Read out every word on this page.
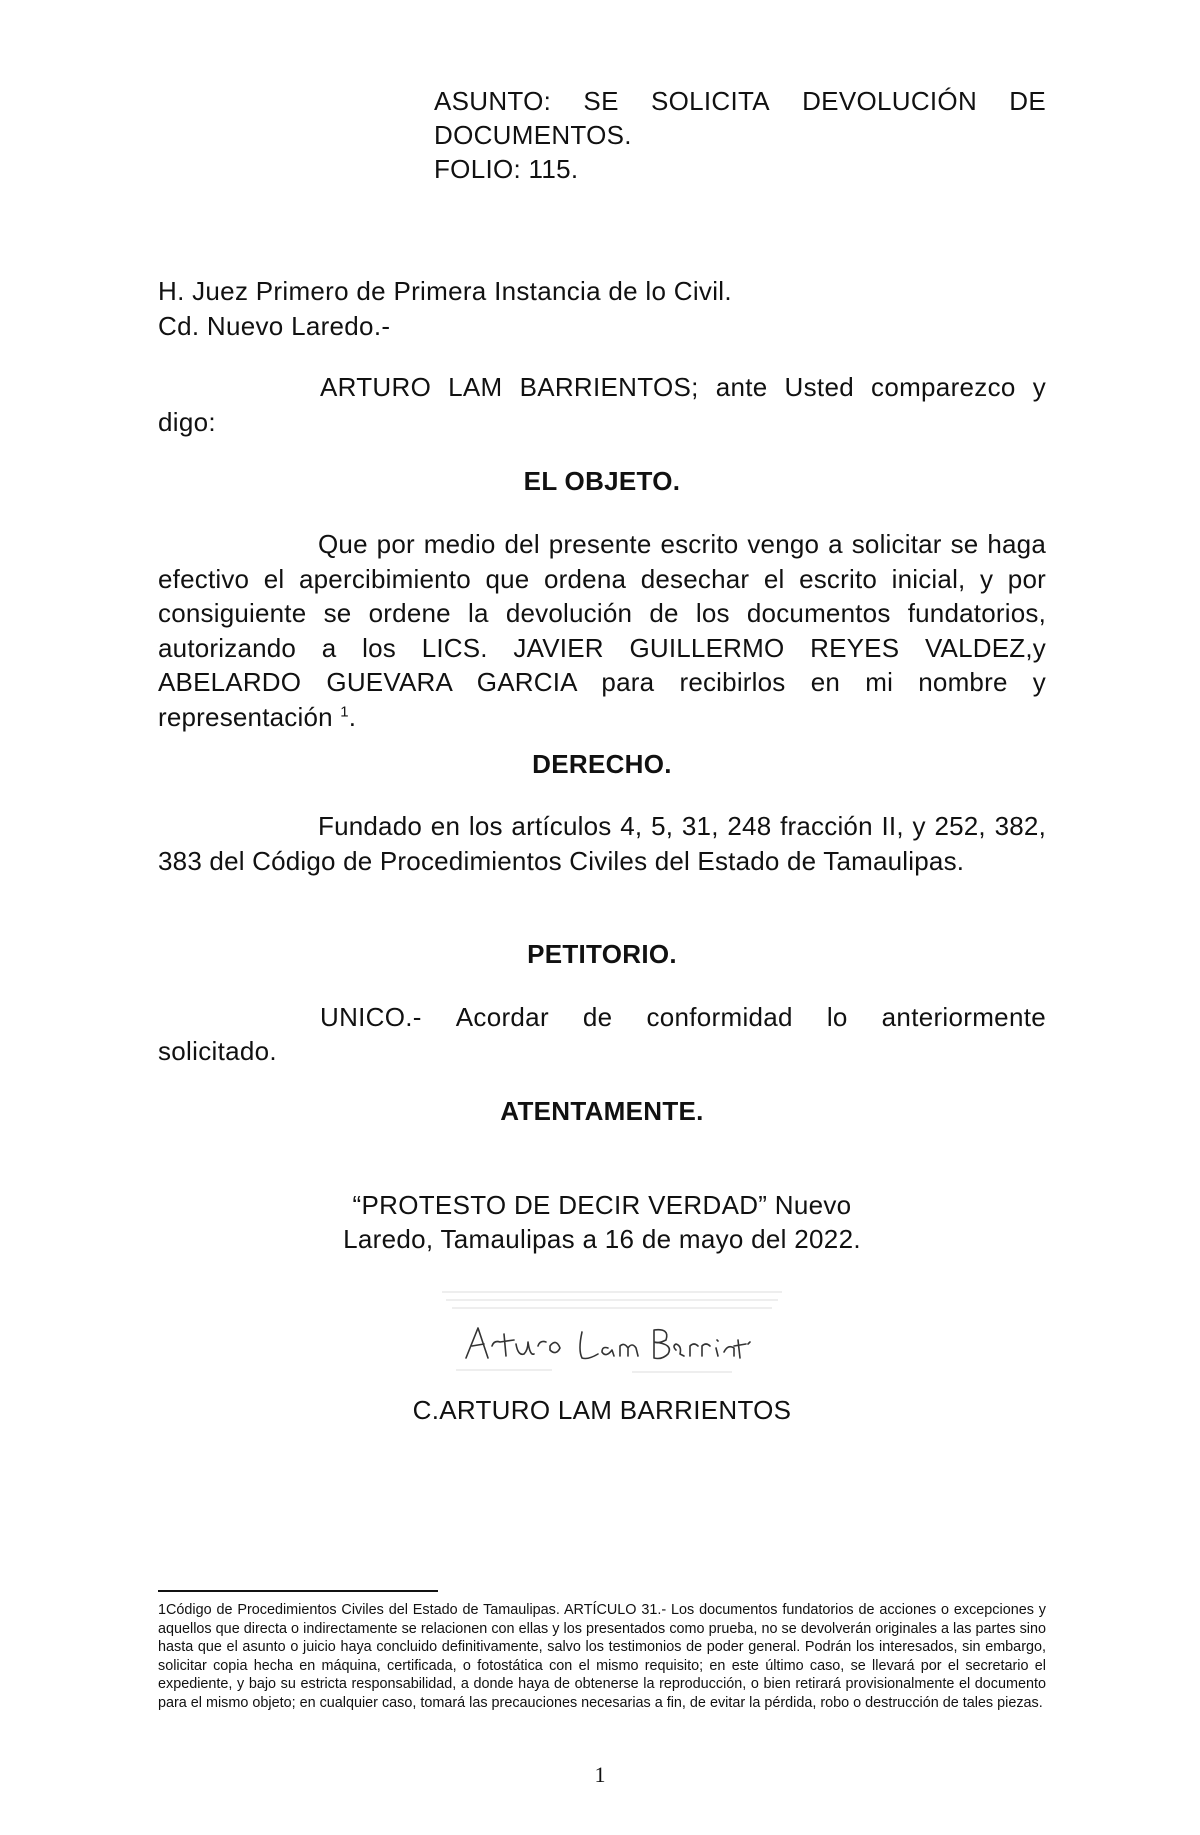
ASUNTO: SE SOLICITA DEVOLUCIÓN DE
DOCUMENTOS.
FOLIO: 115.
H. Juez Primero de Primera Instancia de lo Civil.
Cd. Nuevo Laredo.-
ARTURO LAM BARRIENTOS; ante Usted comparezco y
digo:
EL OBJETO.
Que por medio del presente escrito vengo a solicitar se haga efectivo el apercibimiento que ordena desechar el escrito inicial, y por consiguiente se ordene la devolución de los documentos fundatorios, autorizando a los LICS. JAVIER GUILLERMO REYES VALDEZ,y ABELARDO GUEVARA GARCIA para recibirlos en mi nombre y representación $^1$.
DERECHO.
Fundado en los artículos 4, 5, 31, 248 fracción II, y 252, 382, 383 del Código de Procedimientos Civiles del Estado de Tamaulipas.
PETITORIO.
UNICO.- Acordar de conformidad lo anteriormente
solicitado.
ATENTAMENTE.
“PROTESTO DE DECIR VERDAD” Nuevo
Laredo, Tamaulipas a 16 de mayo del 2022.
C.ARTURO LAM BARRIENTOS
1Código de Procedimientos Civiles del Estado de Tamaulipas. ARTÍCULO 31.- Los documentos fundatorios de acciones o excepciones y aquellos que directa o indirectamente se relacionen con ellas y los presentados como prueba, no se devolverán originales a las partes sino hasta que el asunto o juicio haya concluido definitivamente, salvo los testimonios de poder general. Podrán los interesados, sin embargo, solicitar copia hecha en máquina, certificada, o fotostática con el mismo requisito; en este último caso, se llevará por el secretario el expediente, y bajo su estricta responsabilidad, a donde haya de obtenerse la reproducción, o bien retirará provisionalmente el documento para el mismo objeto; en cualquier caso, tomará las precauciones necesarias a fin, de evitar la pérdida, robo o destrucción de tales piezas.
1
